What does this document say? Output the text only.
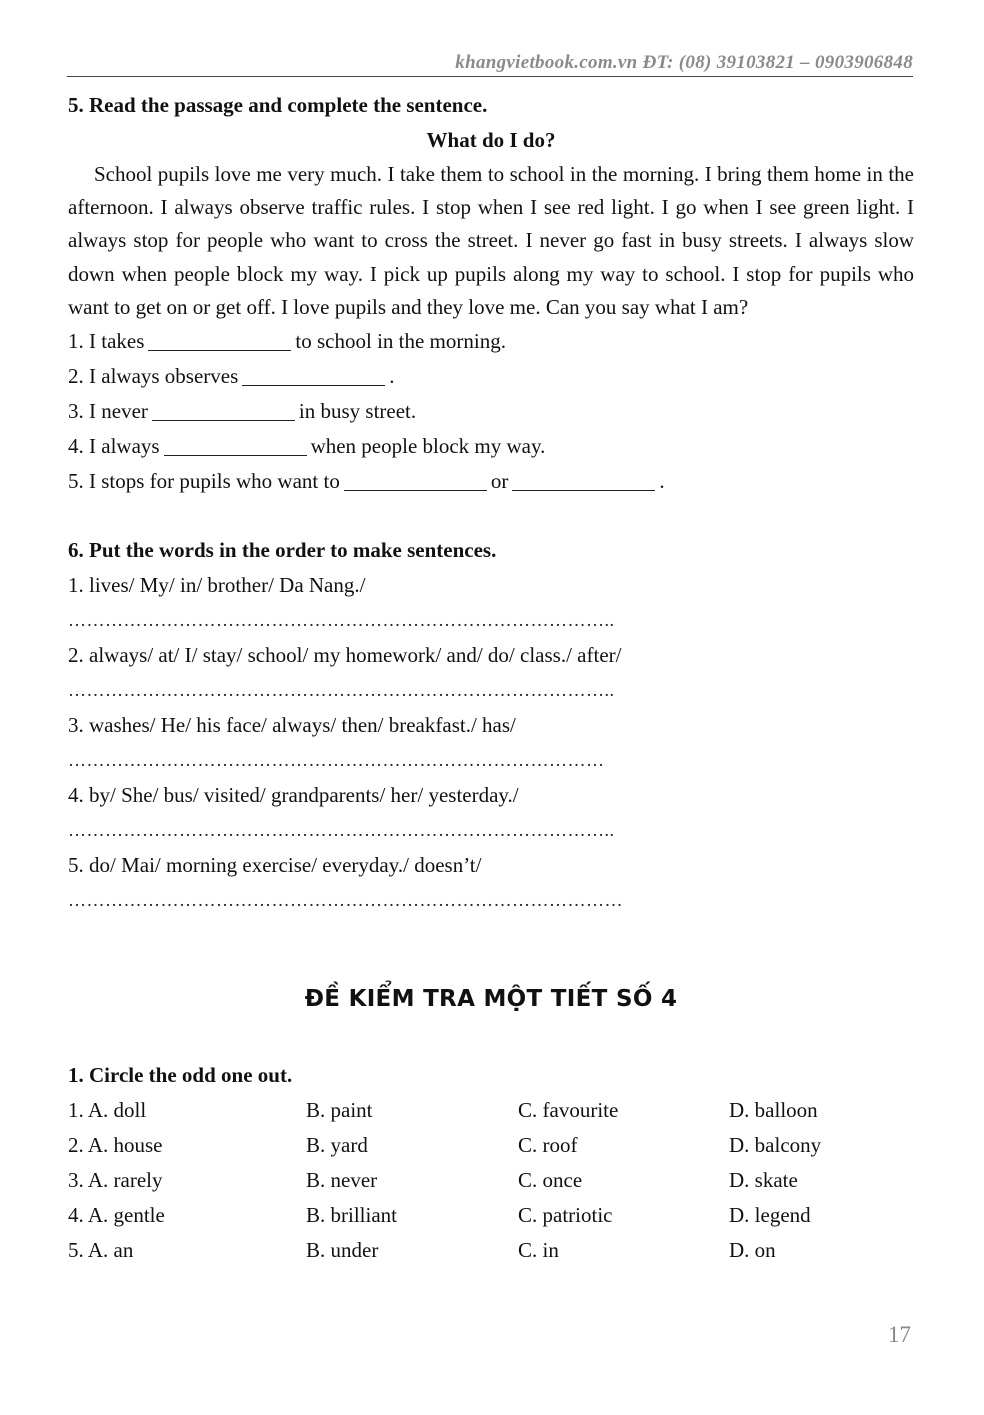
khangvietbook.com.vn ĐT: (08) 39103821 – 0903906848
5. Read the passage and complete the sentence.
What do I do?

School pupils love me very much. I take them to school in the morning. I bring them home in the afternoon. I always observe traffic rules. I stop when I see red light. I go when I see green light. I always stop for people who want to cross the street. I never go fast in busy streets. I always slow down when people block my way. I pick up pupils along my way to school. I stop for pupils who want to get on or get off. I love pupils and they love me. Can you say what I am?

1. I takes	to school in the morning.
2. I always observes	.
3. I never	in busy street.
4. I always	when people block my way.
5. I stops for pupils who want to	or	.
6. Put the words in the order to make sentences.
1. lives/ My/ in/ brother/ Da Nang./
……………………………………………………………………………..
2. always/ at/ I/ stay/ school/ my homework/ and/ do/ class./ after/
……………………………………………………………………………..
3. washes/ He/ his face/ always/ then/ breakfast./ has/
……………………………………………………………………………
4. by/ She/ bus/ visited/ grandparents/ her/ yesterday./
……………………………………………………………………………..
5. do/ Mai/ morning exercise/ everyday./ doesn’t/
………………………………………………………………………………
ĐỀ KIỂM TRA MỘT TIẾT SỐ 4
1. Circle the odd one out.
1. A. doll	B. paint	C. favourite	D. balloon
2. A. house	B. yard	C. roof	D. balcony
3. A. rarely	B. never	C. once	D. skate
4. A. gentle	B. brilliant	C. patriotic	D. legend
5. A. an	B. under	C. in	D. on
17
